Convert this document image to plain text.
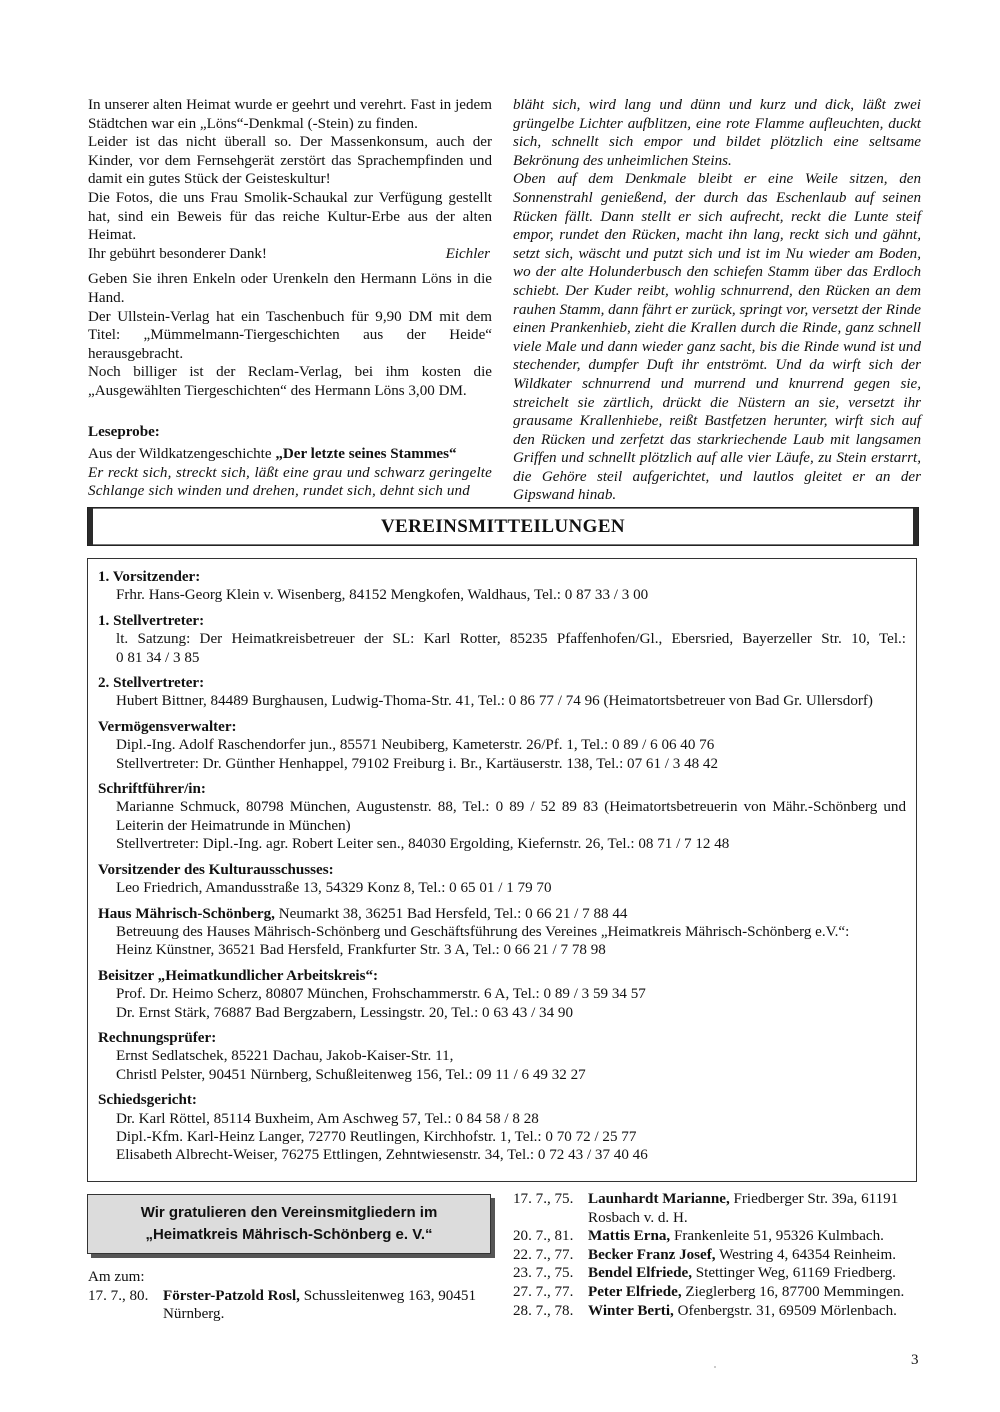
In unserer alten Heimat wurde er geehrt und verehrt. Fast in jedem Städtchen war ein „Löns“-Denkmal (-Stein) zu finden.

Leider ist das nicht überall so. Der Massenkonsum, auch der Kinder, vor dem Fernsehgerät zerstört das Sprachempfinden und damit ein gutes Stück der Geisteskultur!

Die Fotos, die uns Frau Smolik-Schaukal zur Verfügung gestellt hat, sind ein Beweis für das reiche Kultur-Erbe aus der alten Heimat.

Ihr gebührt besonderer Dank!	Eichler

Geben Sie ihren Enkeln oder Urenkeln den Hermann Löns in die Hand.

Der Ullstein-Verlag hat ein Taschenbuch für 9,90 DM mit dem Titel: „Mümmelmann-Tiergeschichten aus der Heide“ herausgebracht.

Noch billiger ist der Reclam-Verlag, bei ihm kosten die „Ausgewählten Tiergeschichten“ des Hermann Löns 3,00 DM.

Leseprobe:

Aus der Wildkatzengeschichte „Der letzte seines Stammes“

Er reckt sich, streckt sich, läßt eine grau und schwarz geringelte Schlange sich winden und drehen, rundet sich, dehnt sich und

bläht sich, wird lang und dünn und kurz und dick, läßt zwei grüngelbe Lichter aufblitzen, eine rote Flamme aufleuchten, duckt sich, schnellt sich empor und bildet plötzlich eine seltsame Bekrönung des unheimlichen Steins.

Oben auf dem Denkmale bleibt er eine Weile sitzen, den Sonnenstrahl genießend, der durch das Eschenlaub auf seinen Rücken fällt. Dann stellt er sich aufrecht, reckt die Lunte steif empor, rundet den Rücken, macht ihn lang, reckt sich und gähnt, setzt sich, wäscht und putzt sich und ist im Nu wieder am Boden, wo der alte Holunderbusch den schiefen Stamm über das Erdloch schiebt. Der Kuder reibt, wohlig schnurrend, den Rücken an dem rauhen Stamm, dann fährt er zurück, springt vor, versetzt der Rinde einen Prankenhieb, zieht die Krallen durch die Rinde, ganz schnell viele Male und dann wieder ganz sacht, bis die Rinde wund ist und stechender, dumpfer Duft ihr entströmt. Und da wirft sich der Wildkater schnurrend und murrend und knurrend gegen sie, streichelt sie zärtlich, drückt die Nüstern an sie, versetzt ihr grausame Krallenhiebe, reißt Bastfetzen herunter, wirft sich auf den Rücken und zerfetzt das starkriechende Laub mit langsamen Griffen und schnellt plötzlich auf alle vier Läufe, zu Stein erstarrt, die Gehöre steil aufgerichtet, und lautlos gleitet er an der Gipswand hinab.

VEREINSMITTEILUNGEN
1. Vorsitzender:
Frhr. Hans-Georg Klein v. Wisenberg, 84152 Mengkofen, Waldhaus, Tel.: 0 87 33 / 3 00
1. Stellvertreter:
lt. Satzung: Der Heimatkreisbetreuer der SL: Karl Rotter, 85235 Pfaffenhofen/Gl., Ebersried, Bayerzeller Str. 10, Tel.:
0 81 34 / 3 85
2. Stellvertreter:
Hubert Bittner, 84489 Burghausen, Ludwig-Thoma-Str. 41, Tel.: 0 86 77 / 74 96 (Heimatortsbetreuer von Bad Gr. Ullersdorf)
Vermögensverwalter:
Dipl.-Ing. Adolf Raschendorfer jun., 85571 Neubiberg, Kameterstr. 26/Pf. 1, Tel.: 0 89 / 6 06 40 76
Stellvertreter: Dr. Günther Henhappel, 79102 Freiburg i. Br., Kartäuserstr. 138, Tel.: 07 61 / 3 48 42
Schriftführer/in:
Marianne Schmuck, 80798 München, Augustenstr. 88, Tel.: 0 89 / 52 89 83 (Heimatortsbetreuerin von Mähr.-Schönberg und
Leiterin der Heimatrunde in München)
Stellvertreter: Dipl.-Ing. agr. Robert Leiter sen., 84030 Ergolding, Kiefernstr. 26, Tel.: 08 71 / 7 12 48
Vorsitzender des Kulturausschusses:
Leo Friedrich, Amandusstraße 13, 54329 Konz 8, Tel.: 0 65 01 / 1 79 70
Haus Mährisch-Schönberg, Neumarkt 38, 36251 Bad Hersfeld, Tel.: 0 66 21 / 7 88 44
Betreuung des Hauses Mährisch-Schönberg und Geschäftsführung des Vereines „Heimatkreis Mährisch-Schönberg e.V.“:
Heinz Künstner, 36521 Bad Hersfeld, Frankfurter Str. 3 A, Tel.: 0 66 21 / 7 78 98
Beisitzer „Heimatkundlicher Arbeitskreis“:
Prof. Dr. Heimo Scherz, 80807 München, Frohschammerstr. 6 A, Tel.: 0 89 / 3 59 34 57
Dr. Ernst Stärk, 76887 Bad Bergzabern, Lessingstr. 20, Tel.: 0 63 43 / 34 90
Rechnungsprüfer:
Ernst Sedlatschek, 85221 Dachau, Jakob-Kaiser-Str. 11,
Christl Pelster, 90451 Nürnberg, Schußleitenweg 156, Tel.: 09 11 / 6 49 32 27
Schiedsgericht:
Dr. Karl Röttel, 85114 Buxheim, Am Aschweg 57, Tel.: 0 84 58 / 8 28
Dipl.-Kfm. Karl-Heinz Langer, 72770 Reutlingen, Kirchhofstr. 1, Tel.: 0 70 72 / 25 77
Elisabeth Albrecht-Weiser, 76275 Ettlingen, Zehntwiesenstr. 34, Tel.: 0 72 43 / 37 40 46
Wir gratulieren den Vereinsmitgliedern im
„Heimatkreis Mährisch-Schönberg e. V.“
Am zum:
17. 7., 80. Förster-Patzold Rosl, Schussleitenweg 163, 90451 Nürnberg.
17. 7., 75. Launhardt Marianne, Friedberger Str. 39a, 61191 Rosbach v. d. H.
20. 7., 81. Mattis Erna, Frankenleite 51, 95326 Kulmbach.
22. 7., 77. Becker Franz Josef, Westring 4, 64354 Reinheim.
23. 7., 75. Bendel Elfriede, Stettinger Weg, 61169 Friedberg.
27. 7., 77. Peter Elfriede, Zieglerberg 16, 87700 Memmingen.
28. 7., 78. Winter Berti, Ofenbergstr. 31, 69509 Mörlenbach.
3
